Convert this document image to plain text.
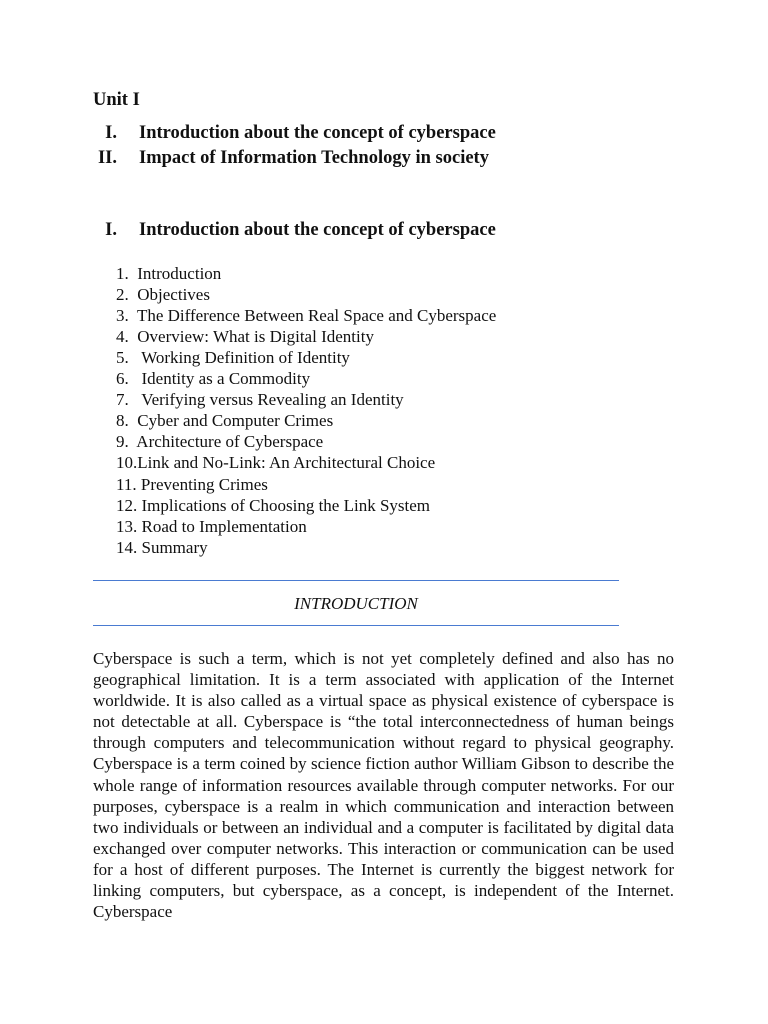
Unit I
I. Introduction about the concept of cyberspace
II. Impact of Information Technology in society
I. Introduction about the concept of cyberspace
1.  Introduction
2.  Objectives
3.  The Difference Between Real Space and Cyberspace
4.  Overview: What is Digital Identity
5.   Working Definition of Identity
6.   Identity as a Commodity
7.   Verifying versus Revealing an Identity
8.  Cyber and Computer Crimes
9.  Architecture of Cyberspace
10.Link and No-Link: An Architectural Choice
11. Preventing Crimes
12. Implications of Choosing the Link System
13. Road to Implementation
14. Summary
INTRODUCTION

Cyberspace is such a term, which is not yet completely defined and also has no geographical limitation. It is a term associated with application of the Internet worldwide. It is also called as a virtual space as physical existence of cyberspace is not detectable at all. Cyberspace is “the total interconnectedness of human beings through computers and telecommunication without regard to physical geography. Cyberspace is a term coined by science fiction author William Gibson to describe the whole range of information resources available through computer networks. For our purposes, cyberspace is a realm in which communication and interaction between two individuals or between an individual and a computer is facilitated by digital data exchanged over computer networks. This interaction or communication can be used for a host of different purposes. The Internet is currently the biggest network for linking computers, but cyberspace, as a concept, is independent of the Internet. Cyberspace
